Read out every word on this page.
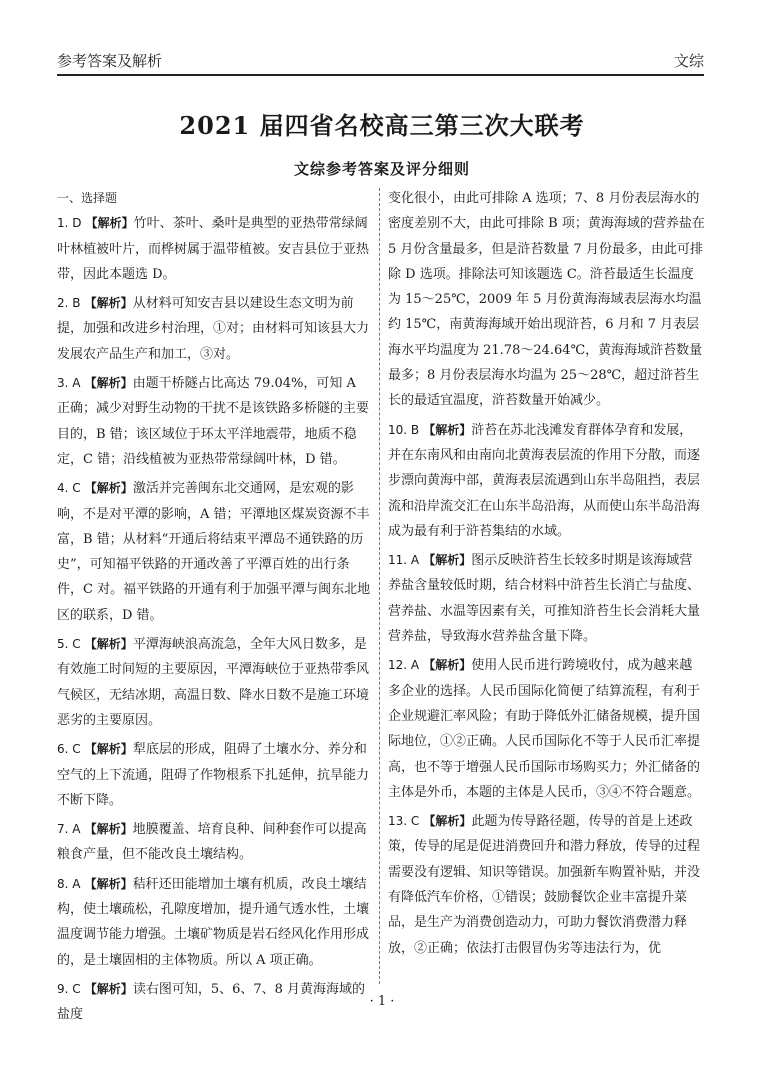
参考答案及解析	文综
2021 届四省名校高三第三次大联考
文综参考答案及评分细则
一、选择题

1. D 【解析】竹叶、茶叶、桑叶是典型的亚热带常绿阔叶林植被叶片，而桦树属于温带植被。安吉县位于亚热带，因此本题选 D。

2. B 【解析】从材料可知安吉县以建设生态文明为前提，加强和改进乡村治理，①对；由材料可知该县大力发展农产品生产和加工，③对。

3. A 【解析】由题干桥隧占比高达 79.04%，可知 A 正确；减少对野生动物的干扰不是该铁路多桥隧的主要目的，B 错；该区域位于环太平洋地震带，地质不稳定，C 错；沿线植被为亚热带常绿阔叶林，D 错。

4. C 【解析】激活并完善闽东北交通网，是宏观的影响，不是对平潭的影响，A 错；平潭地区煤炭资源不丰富，B 错；从材料“开通后将结束平潭岛不通铁路的历史”，可知福平铁路的开通改善了平潭百姓的出行条件，C 对。福平铁路的开通有利于加强平潭与闽东北地区的联系，D 错。

5. C 【解析】平潭海峡浪高流急，全年大风日数多，是有效施工时间短的主要原因，平潭海峡位于亚热带季风气候区，无结冰期，高温日数、降水日数不是施工环境恶劣的主要原因。

6. C 【解析】犁底层的形成，阻碍了土壤水分、养分和空气的上下流通，阻碍了作物根系下扎延伸，抗旱能力不断下降。

7. A 【解析】地膜覆盖、培育良种、间种套作可以提高粮食产量，但不能改良土壤结构。

8. A 【解析】秸秆还田能增加土壤有机质，改良土壤结构，使土壤疏松，孔隙度增加，提升通气透水性，土壤温度调节能力增强。土壤矿物质是岩石经风化作用形成的，是土壤固相的主体物质。所以 A 项正确。

9. C 【解析】读右图可知，5、6、7、8 月黄海海域的盐度

变化很小，由此可排除 A 选项；7、8 月份表层海水的密度差别不大，由此可排除 B 项；黄海海域的营养盐在 5 月份含量最多，但是浒苔数量 7 月份最多，由此可排除 D 选项。排除法可知该题选 C。浒苔最适生长温度为 15～25℃，2009 年 5 月份黄海海域表层海水均温约 15℃，南黄海海域开始出现浒苔，6 月和 7 月表层海水平均温度为 21.78～24.64℃，黄海海域浒苔数量最多；8 月份表层海水均温为 25～28℃，超过浒苔生长的最适宜温度，浒苔数量开始减少。

10. B 【解析】浒苔在苏北浅滩发育群体孕育和发展，并在东南风和由南向北黄海表层流的作用下分散，而逐步漂向黄海中部，黄海表层流遇到山东半岛阻挡，表层流和沿岸流交汇在山东半岛沿海，从而使山东半岛沿海成为最有利于浒苔集结的水域。

11. A 【解析】图示反映浒苔生长较多时期是该海域营养盐含量较低时期，结合材料中浒苔生长消亡与盐度、营养盐、水温等因素有关，可推知浒苔生长会消耗大量营养盐，导致海水营养盐含量下降。

12. A 【解析】使用人民币进行跨境收付，成为越来越多企业的选择。人民币国际化简便了结算流程，有利于企业规避汇率风险；有助于降低外汇储备规模，提升国际地位，①②正确。人民币国际化不等于人民币汇率提高，也不等于增强人民币国际市场购买力；外汇储备的主体是外币，本题的主体是人民币，③④不符合题意。

13. C 【解析】此题为传导路径题，传导的首是上述政策，传导的尾是促进消费回升和潜力释放，传导的过程需要没有逻辑、知识等错误。加强新车购置补贴，并没有降低汽车价格，①错误；鼓励餐饮企业丰富提升菜品，是生产为消费创造动力，可助力餐饮消费潜力释放，②正确；依法打击假冒伪劣等违法行为，优

· 1 ·
